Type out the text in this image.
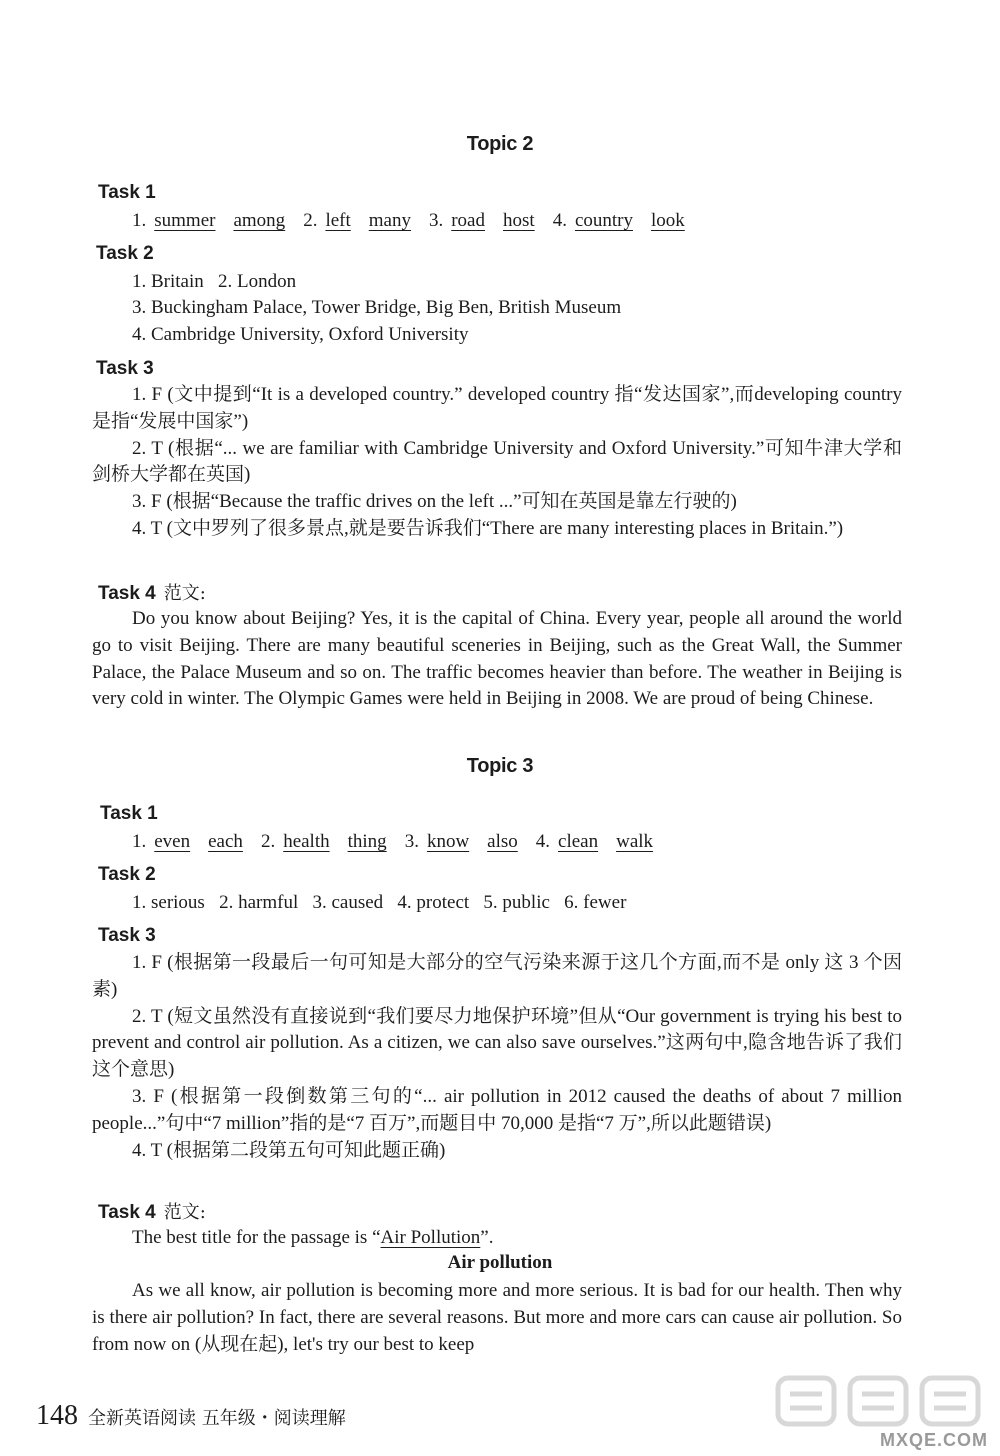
Topic 2
Task 1
1. summer among 2. left many 3. road host 4. country look
Task 2
1. Britain   2. London
3. Buckingham Palace, Tower Bridge, Big Ben, British Museum
4. Cambridge University, Oxford University
Task 3

1. F (文中提到“It is a developed country.” developed country 指“发达国家”,而developing country 是指“发展中国家”)

2. T (根据“... we are familiar with Cambridge University and Oxford University.”可知牛津大学和剑桥大学都在英国)

3. F (根据“Because the traffic drives on the left ...”可知在英国是靠左行驶的)

4. T (文中罗列了很多景点,就是要告诉我们“There are many interesting places in Britain.”)

Task 4 范文:

Do you know about Beijing? Yes, it is the capital of China. Every year, people all around the world go to visit Beijing. There are many beautiful sceneries in Beijing, such as the Great Wall, the Summer Palace, the Palace Museum and so on. The traffic becomes heavier than before. The weather in Beijing is very cold in winter. The Olympic Games were held in Beijing in 2008. We are proud of being Chinese.

Topic 3
Task 1
1. even each 2. health thing 3. know also 4. clean walk
Task 2
1. serious   2. harmful   3. caused   4. protect   5. public   6. fewer
Task 3

1. F (根据第一段最后一句可知是大部分的空气污染来源于这几个方面,而不是 only 这 3 个因素)

2. T (短文虽然没有直接说到“我们要尽力地保护环境”但从“Our government is trying his best to prevent and control air pollution. As a citizen, we can also save ourselves.”这两句中,隐含地告诉了我们这个意思)

3. F (根据第一段倒数第三句的“... air pollution in 2012 caused the deaths of about 7 million people...”句中“7 million”指的是“7 百万”,而题目中 70,000 是指“7 万”,所以此题错误)

4. T (根据第二段第五句可知此题正确)

Task 4 范文:
The best title for the passage is “Air Pollution”.
Air pollution

As we all know, air pollution is becoming more and more serious. It is bad for our health. Then why is there air pollution? In fact, there are several reasons. But more and more cars can cause air pollution. So from now on (从现在起), let's try our best to keep

148 全新英语阅读 五年级・阅读理解
MXQE.COM
